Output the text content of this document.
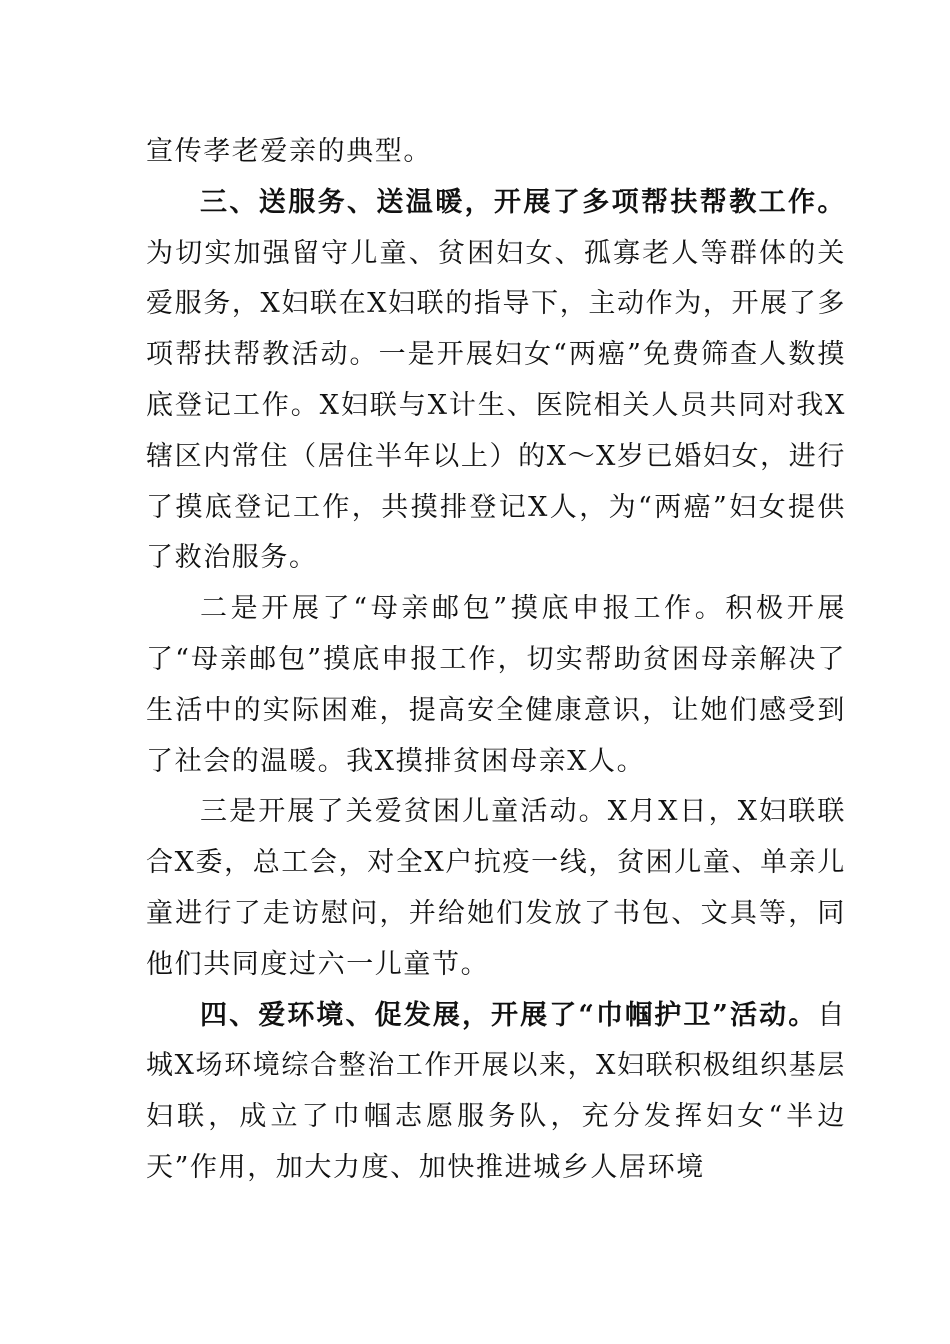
宣传孝老爱亲的典型。

三、送服务、送温暖，开展了多项帮扶帮教工作。为切实加强留守儿童、贫困妇女、孤寡老人等群体的关爱服务，X妇联在X妇联的指导下，主动作为，开展了多项帮扶帮教活动。一是开展妇女“两癌”免费筛查人数摸底登记工作。X妇联与X计生、医院相关人员共同对我X辖区内常住（居住半年以上）的X～X岁已婚妇女，进行了摸底登记工作，共摸排登记X人，为“两癌”妇女提供了救治服务。

二是开展了“母亲邮包”摸底申报工作。积极开展了“母亲邮包”摸底申报工作，切实帮助贫困母亲解决了生活中的实际困难，提高安全健康意识，让她们感受到了社会的温暖。我X摸排贫困母亲X人。

三是开展了关爱贫困儿童活动。X月X日，X妇联联合X委，总工会，对全X户抗疫一线，贫困儿童、单亲儿童进行了走访慰问，并给她们发放了书包、文具等，同他们共同度过六一儿童节。

四、爱环境、促发展，开展了“巾帼护卫”活动。自城X场环境综合整治工作开展以来，X妇联积极组织基层妇联，成立了巾帼志愿服务队，充分发挥妇女“半边天”作用，加大力度、加快推进城乡人居环境
